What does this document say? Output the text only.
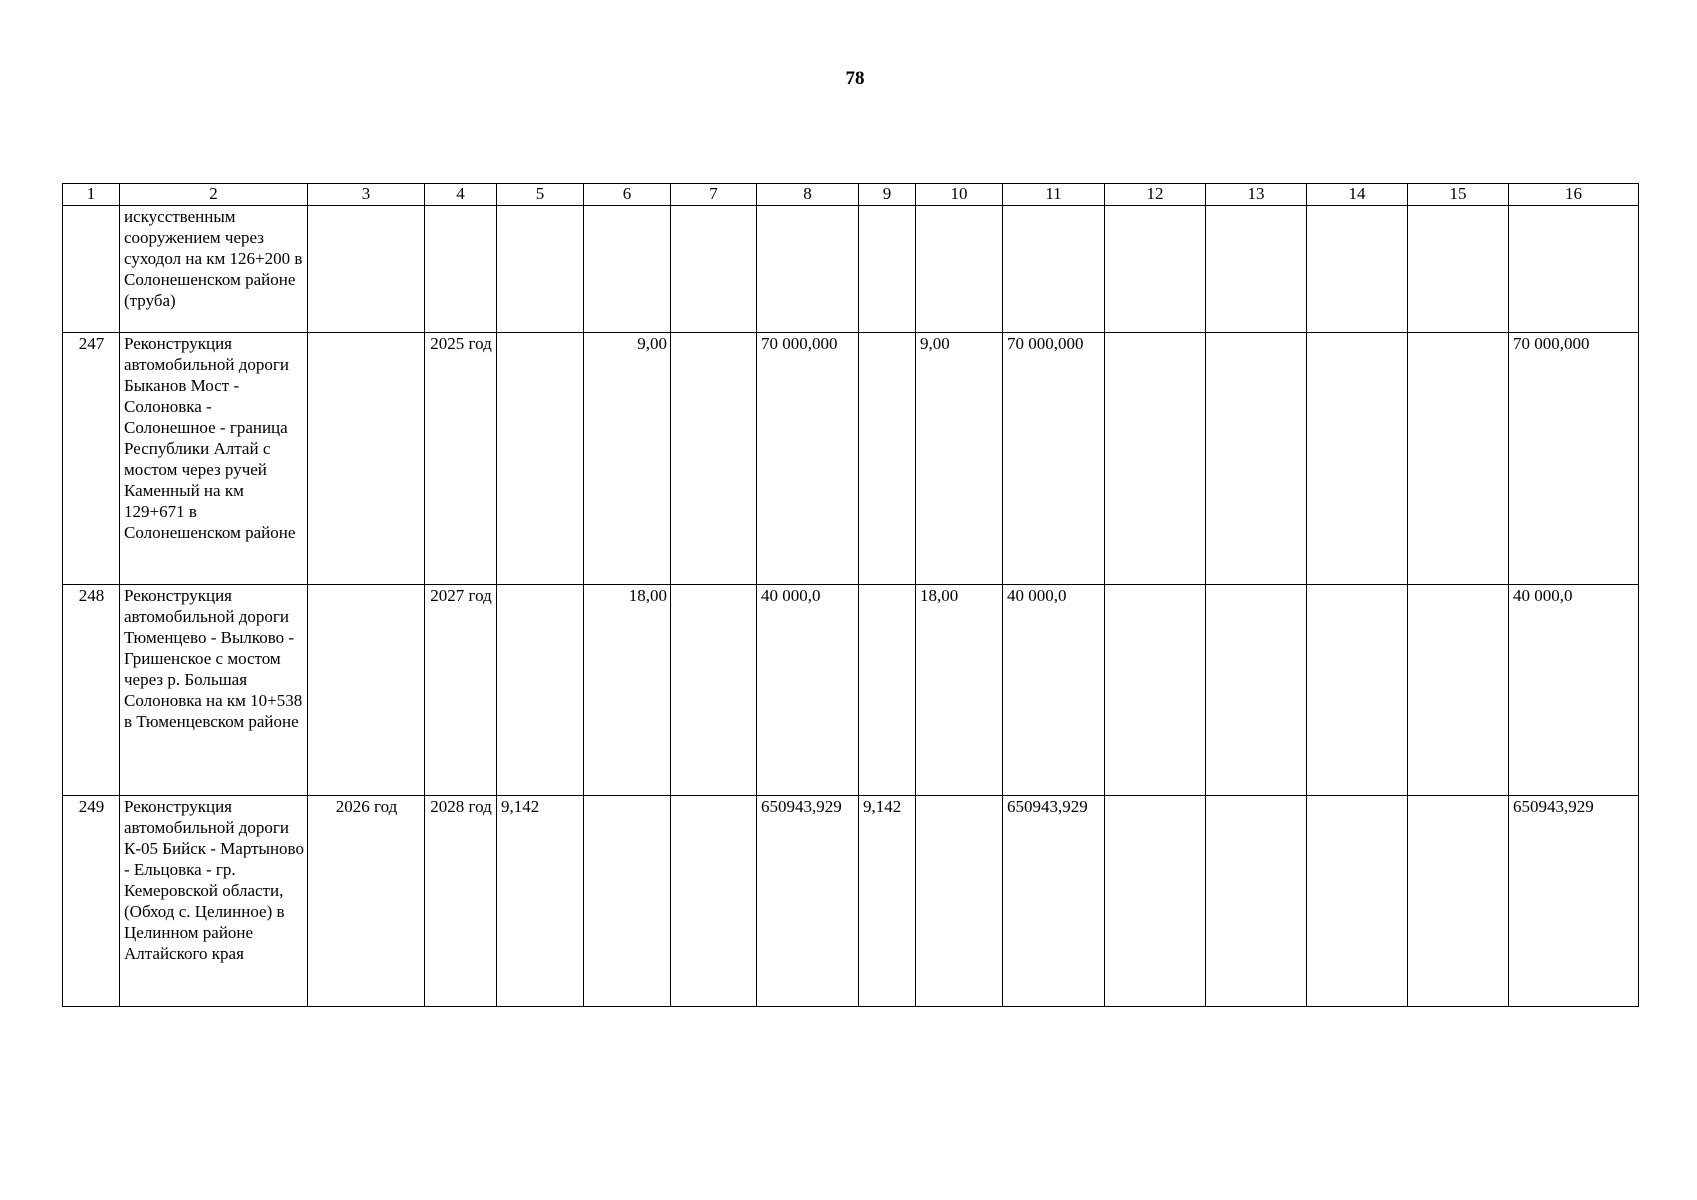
78
1	2	3	4	5	6	7	8	9	10	11	12	13	14	15	16
	искусственным сооружением через суходол на км 126+200 в Солонешенском районе (труба)														
247	Реконструкция автомобильной дороги Быканов Мост - Солоновка - Солонешное - граница Республики Алтай с мостом через ручей Каменный на км 129+671 в Солонешенском районе		2025 год		9,00		70 000,000		9,00	70 000,000					70 000,000
248	Реконструкция автомобильной дороги Тюменцево - Вылково - Гришенское с мостом через р. Большая Солоновка на км 10+538 в Тюменцевском районе		2027 год		18,00		40 000,0		18,00	40 000,0					40 000,0
249	Реконструкция автомобильной дороги К-05 Бийск - Мартыново - Ельцовка - гр. Кемеровской области, (Обход с. Целинное) в Целинном районе Алтайского края	2026 год	2028 год	9,142			650943,929	9,142		650943,929					650943,929
